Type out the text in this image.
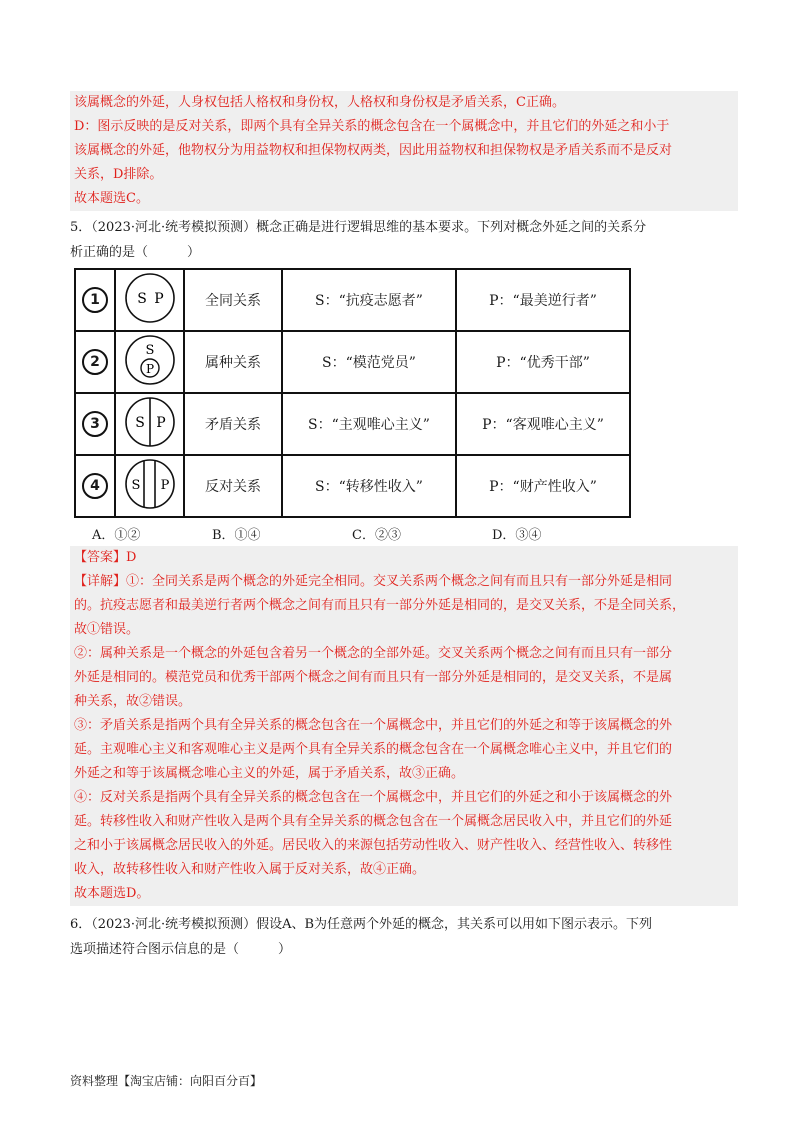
该属概念的外延，人身权包括人格权和身份权，人格权和身份权是矛盾关系，C正确。
D：图示反映的是反对关系，即两个具有全异关系的概念包含在一个属概念中，并且它们的外延之和小于
该属概念的外延，他物权分为用益物权和担保物权两类，因此用益物权和担保物权是矛盾关系而不是反对
关系，D排除。
故本题选C。

5．（2023·河北·统考模拟预测）概念正确是进行逻辑思维的基本要求。下列对概念外延之间的关系分

析正确的是（　　　）

1	S P	全同关系	S：“抗疫志愿者”	P：“最美逆行者”
2	S
P	属种关系	S：“模范党员”	P：“优秀干部”
3	S P	矛盾关系	S：“主观唯心主义”	P：“客观唯心主义”
4	S P	反对关系	S：“转移性收入”	P：“财产性收入”
A．①②	B．①④	C．②③	D．③④

【答案】D

【详解】①：全同关系是两个概念的外延完全相同。交叉关系两个概念之间有而且只有一部分外延是相同

的。抗疫志愿者和最美逆行者两个概念之间有而且只有一部分外延是相同的，是交叉关系，不是全同关系，

故①错误。

②：属种关系是一个概念的外延包含着另一个概念的全部外延。交叉关系两个概念之间有而且只有一部分

外延是相同的。模范党员和优秀干部两个概念之间有而且只有一部分外延是相同的，是交叉关系，不是属

种关系，故②错误。

③：矛盾关系是指两个具有全异关系的概念包含在一个属概念中，并且它们的外延之和等于该属概念的外

延。主观唯心主义和客观唯心主义是两个具有全异关系的概念包含在一个属概念唯心主义中，并且它们的

外延之和等于该属概念唯心主义的外延，属于矛盾关系，故③正确。

④：反对关系是指两个具有全异关系的概念包含在一个属概念中，并且它们的外延之和小于该属概念的外

延。转移性收入和财产性收入是两个具有全异关系的概念包含在一个属概念居民收入中，并且它们的外延

之和小于该属概念居民收入的外延。居民收入的来源包括劳动性收入、财产性收入、经营性收入、转移性

收入，故转移性收入和财产性收入属于反对关系，故④正确。

故本题选D。

6．（2023·河北·统考模拟预测）假设A、B为任意两个外延的概念，其关系可以用如下图示表示。下列

选项描述符合图示信息的是（　　　）

资料整理【淘宝店铺：向阳百分百】
